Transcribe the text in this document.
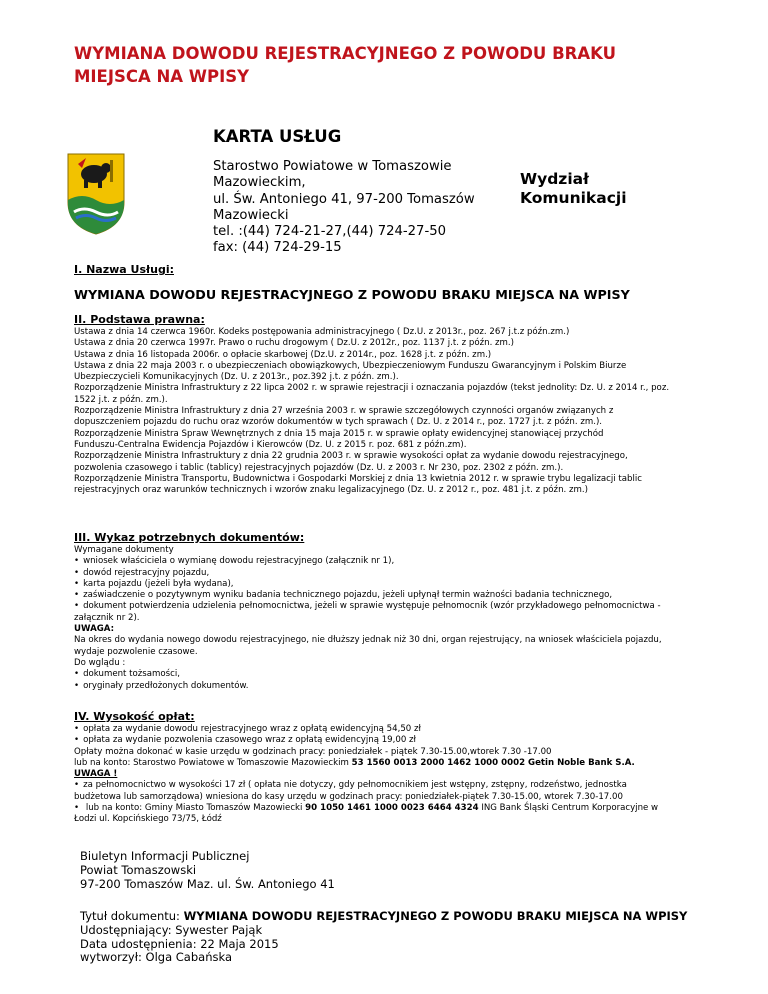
WYMIANA DOWODU REJESTRACYJNEGO Z POWODU BRAKU
MIEJSCA NA WPISY
KARTA USŁUG
Starostwo Powiatowe w Tomaszowie
Mazowieckim,
ul. Św. Antoniego 41, 97-200 Tomaszów
Mazowiecki
tel. :(44) 724-21-27,(44) 724-27-50
fax: (44) 724-29-15
Wydział
Komunikacji
I. Nazwa Usługi:
WYMIANA DOWODU REJESTRACYJNEGO Z POWODU BRAKU MIEJSCA NA WPISY
II. Podstawa prawna:
Ustawa z dnia 14 czerwca 1960r. Kodeks postępowania administracyjnego ( Dz.U. z 2013r., poz. 267 j.t.z późn.zm.)
Ustawa z dnia 20 czerwca 1997r. Prawo o ruchu drogowym ( Dz.U. z 2012r., poz. 1137 j.t. z późn. zm.)
Ustawa z dnia 16 listopada 2006r. o opłacie skarbowej (Dz.U. z 2014r., poz. 1628 j.t. z późn. zm.)
Ustawa z dnia 22 maja 2003 r. o ubezpieczeniach obowiązkowych, Ubezpieczeniowym Funduszu Gwarancyjnym i Polskim Biurze
Ubezpieczycieli Komunikacyjnych (Dz. U. z 2013r., poz.392 j.t. z późn. zm.).
Rozporządzenie Ministra Infrastruktury z 22 lipca 2002 r. w sprawie rejestracji i oznaczania pojazdów (tekst jednolity: Dz. U. z 2014 r., poz.
1522 j.t. z późn. zm.).
Rozporządzenie Ministra Infrastruktury z dnia 27 września 2003 r. w sprawie szczegółowych czynności organów związanych z
dopuszczeniem pojazdu do ruchu oraz wzorów dokumentów w tych sprawach ( Dz. U. z 2014 r., poz. 1727 j.t. z późn. zm.).
Rozporządzenie Ministra Spraw Wewnętrznych z dnia 15 maja 2015 r. w sprawie opłaty ewidencyjnej stanowiącej przychód
Funduszu-Centralna Ewidencja Pojazdów i Kierowców (Dz. U. z 2015 r. poz. 681 z późn.zm).
Rozporządzenie Ministra Infrastruktury z dnia 22 grudnia 2003 r. w sprawie wysokości opłat za wydanie dowodu rejestracyjnego,
pozwolenia czasowego i tablic (tablicy) rejestracyjnych pojazdów (Dz. U. z 2003 r. Nr 230, poz. 2302 z późn. zm.).
Rozporządzenie Ministra Transportu, Budownictwa i Gospodarki Morskiej z dnia 13 kwietnia 2012 r. w sprawie trybu legalizacji tablic
rejestracyjnych oraz warunków technicznych i wzorów znaku legalizacyjnego (Dz. U. z 2012 r., poz. 481 j.t. z późn. zm.)
III. Wykaz potrzebnych dokumentów:
Wymagane dokumenty
• wniosek właściciela o wymianę dowodu rejestracyjnego (załącznik nr 1),
• dowód rejestracyjny pojazdu,
• karta pojazdu (jeżeli była wydana),
• zaświadczenie o pozytywnym wyniku badania technicznego pojazdu, jeżeli upłynął termin ważności badania technicznego,
• dokument potwierdzenia udzielenia pełnomocnictwa, jeżeli w sprawie występuje pełnomocnik (wzór przykładowego pełnomocnictwa -
załącznik nr 2).
UWAGA:
Na okres do wydania nowego dowodu rejestracyjnego, nie dłuższy jednak niż 30 dni, organ rejestrujący, na wniosek właściciela pojazdu,
wydaje pozwolenie czasowe.
Do wglądu :
• dokument tożsamości,
• oryginały przedłożonych dokumentów.
IV. Wysokość opłat:
• opłata za wydanie dowodu rejestracyjnego wraz z opłatą ewidencyjną 54,50 zł
• opłata za wydanie pozwolenia czasowego wraz z opłatą ewidencyjną 19,00 zł
Opłaty można dokonać w kasie urzędu w godzinach pracy: poniedziałek - piątek 7.30-15.00,wtorek 7.30 -17.00
lub na konto: Starostwo Powiatowe w Tomaszowie Mazowieckim 53 1560 0013 2000 1462 1000 0002 Getin Noble Bank S.A.
UWAGA !
• za pełnomocnictwo w wysokości 17 zł ( opłata nie dotyczy, gdy pełnomocnikiem jest wstępny, zstępny, rodzeństwo, jednostka
budżetowa lub samorządowa) wniesiona do kasy urzędu w godzinach pracy: poniedziałek-piątek 7.30-15.00, wtorek 7.30-17.00
• lub na konto: Gminy Miasto Tomaszów Mazowiecki 90 1050 1461 1000 0023 6464 4324 ING Bank Śląski Centrum Korporacyjne w
Łodzi ul. Kopcińskiego 73/75, Łódź
Biuletyn Informacji Publicznej
Powiat Tomaszowski
97-200 Tomaszów Maz. ul. Św. Antoniego 41
Tytuł dokumentu: WYMIANA DOWODU REJESTRACYJNEGO Z POWODU BRAKU MIEJSCA NA WPISY
Udostępniający: Sywester Pająk
Data udostępnienia: 22 Maja 2015
wytworzył: Olga Cabańska
